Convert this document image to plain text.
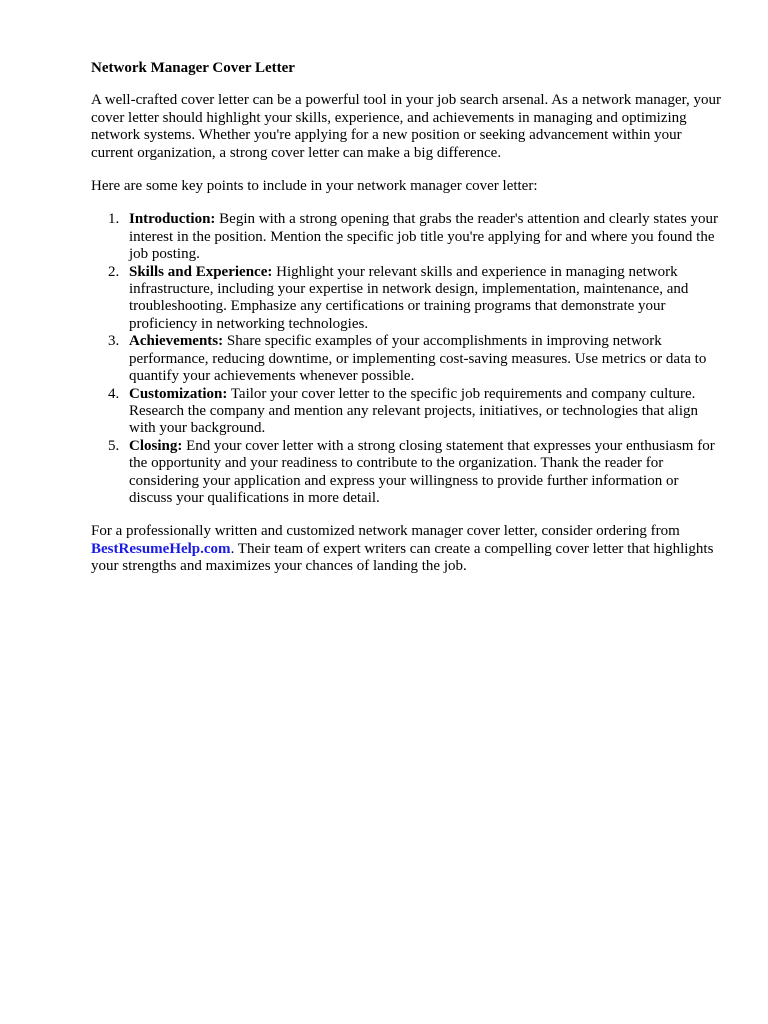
Network Manager Cover Letter

A well-crafted cover letter can be a powerful tool in your job search arsenal. As a network manager, your cover letter should highlight your skills, experience, and achievements in managing and optimizing network systems. Whether you're applying for a new position or seeking advancement within your current organization, a strong cover letter can make a big difference.

Here are some key points to include in your network manager cover letter:

1. Introduction: Begin with a strong opening that grabs the reader's attention and clearly states your interest in the position. Mention the specific job title you're applying for and where you found the job posting.
2. Skills and Experience: Highlight your relevant skills and experience in managing network infrastructure, including your expertise in network design, implementation, maintenance, and troubleshooting. Emphasize any certifications or training programs that demonstrate your proficiency in networking technologies.
3. Achievements: Share specific examples of your accomplishments in improving network performance, reducing downtime, or implementing cost-saving measures. Use metrics or data to quantify your achievements whenever possible.
4. Customization: Tailor your cover letter to the specific job requirements and company culture. Research the company and mention any relevant projects, initiatives, or technologies that align with your background.
5. Closing: End your cover letter with a strong closing statement that expresses your enthusiasm for the opportunity and your readiness to contribute to the organization. Thank the reader for considering your application and express your willingness to provide further information or discuss your qualifications in more detail.

For a professionally written and customized network manager cover letter, consider ordering from BestResumeHelp.com. Their team of expert writers can create a compelling cover letter that highlights your strengths and maximizes your chances of landing the job.
